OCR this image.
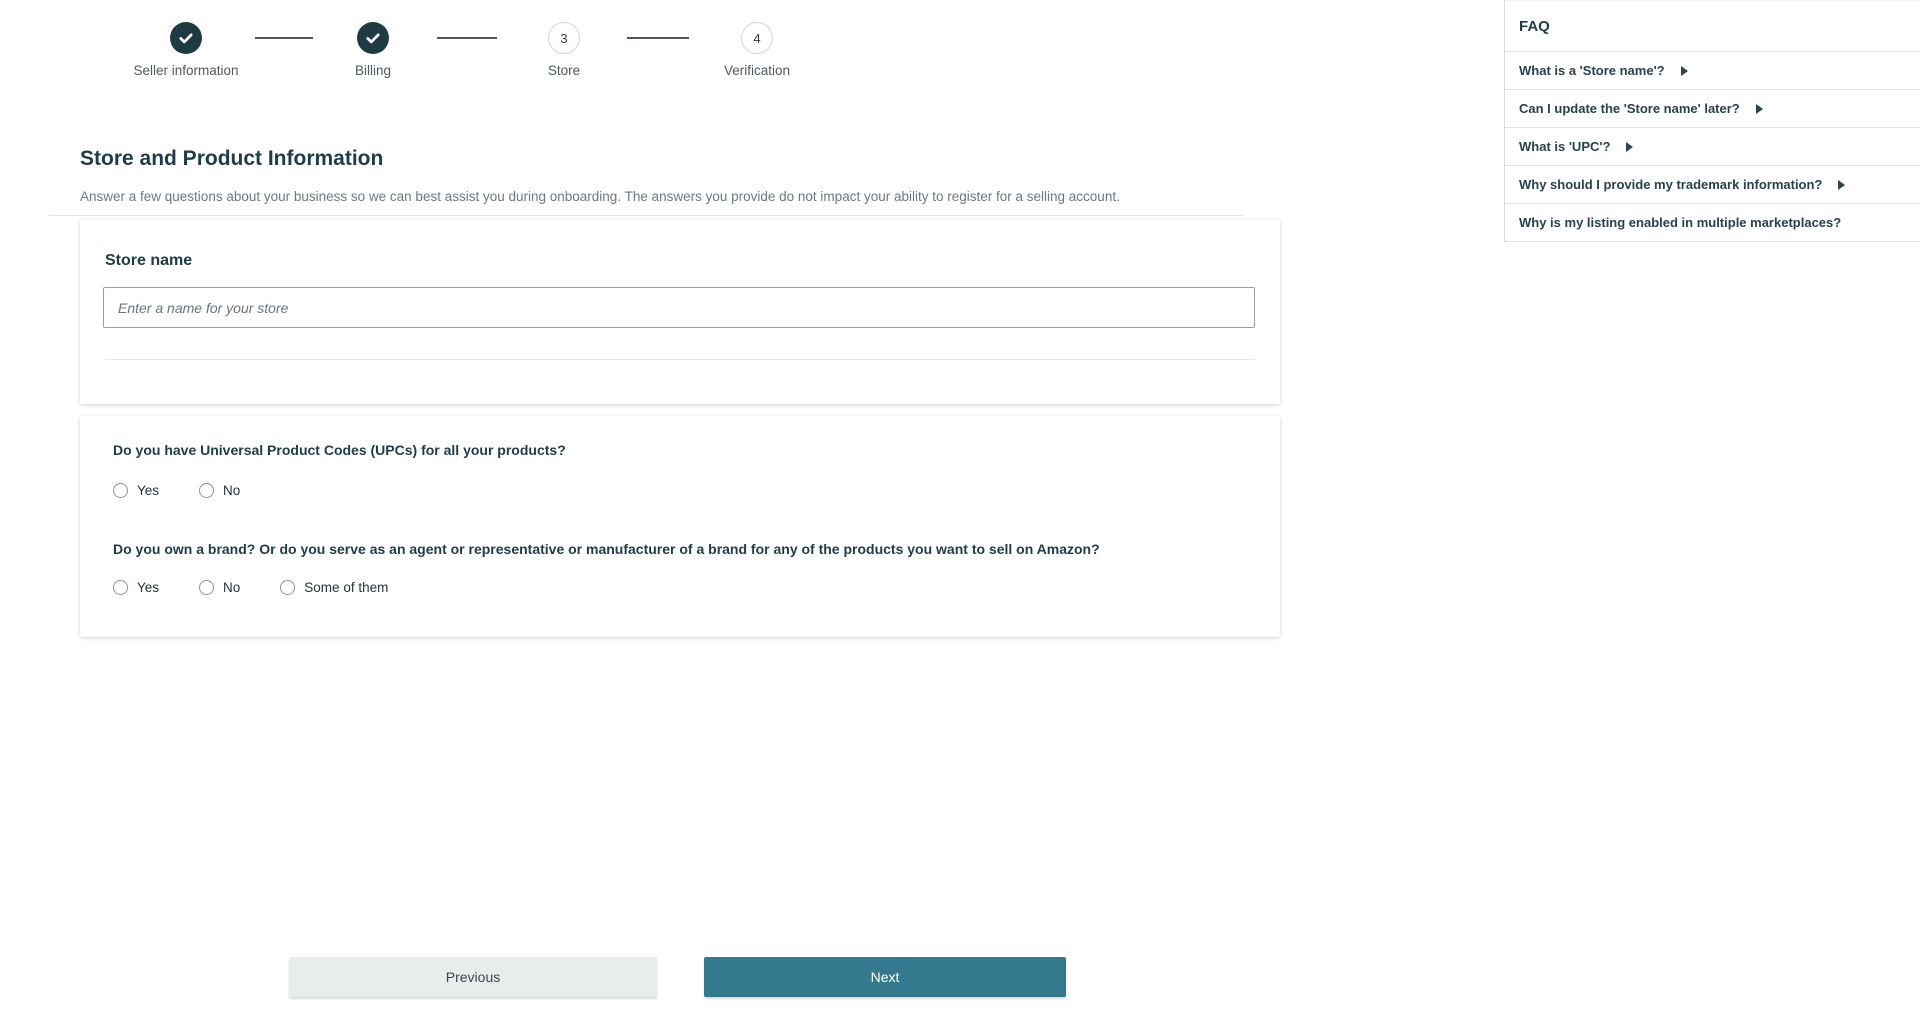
Seller information	Billing
3
Store
4
Verification
Store and Product Information
Answer a few questions about your business so we can best assist you during onboarding. The answers you provide do not impact your ability to register for a selling account.
Store name
Enter a name for your store
Do you have Universal Product Codes (UPCs) for all your products?
Yes	No
Do you own a brand? Or do you serve as an agent or representative or manufacturer of a brand for any of the products you want to sell on Amazon?
Yes	No	Some of them
Previous	Next
FAQ
What is a 'Store name'?
Can I update the 'Store name' later?
What is 'UPC'?
Why should I provide my trademark information?
Why is my listing enabled in multiple marketplaces?
